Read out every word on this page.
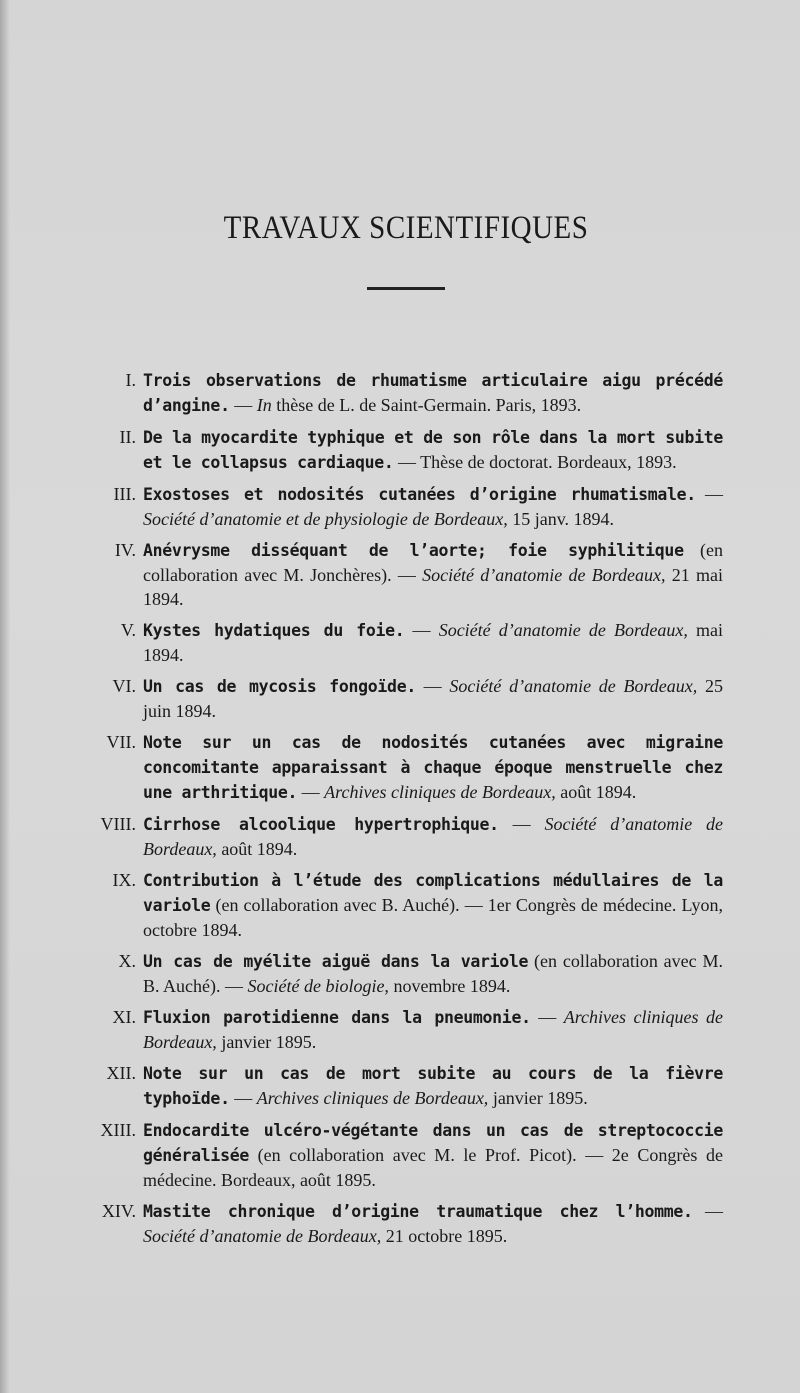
TRAVAUX SCIENTIFIQUES
I. Trois observations de rhumatisme articulaire aigu précédé d’angine. — In thèse de L. de Saint-Germain. Paris, 1893.
II. De la myocardite typhique et de son rôle dans la mort subite et le collapsus cardiaque. — Thèse de doctorat. Bordeaux, 1893.
III. Exostoses et nodosités cutanées d’origine rhumatismale. — Société d’anatomie et de physiologie de Bordeaux, 15 janv. 1894.
IV. Anévrysme disséquant de l’aorte; foie syphilitique (en collaboration avec M. Jonchères). — Société d’anatomie de Bordeaux, 21 mai 1894.
V. Kystes hydatiques du foie. — Société d’anatomie de Bordeaux, mai 1894.
VI. Un cas de mycosis fongoïde. — Société d’anatomie de Bordeaux, 25 juin 1894.
VII. Note sur un cas de nodosités cutanées avec migraine concomitante apparaissant à chaque époque menstruelle chez une arthritique. — Archives cliniques de Bordeaux, août 1894.
VIII. Cirrhose alcoolique hypertrophique. — Société d’anatomie de Bordeaux, août 1894.
IX. Contribution à l’étude des complications médullaires de la variole (en collaboration avec B. Auché). — 1er Congrès de médecine. Lyon, octobre 1894.
X. Un cas de myélite aiguë dans la variole (en collaboration avec M. B. Auché). — Société de biologie, novembre 1894.
XI. Fluxion parotidienne dans la pneumonie. — Archives cliniques de Bordeaux, janvier 1895.
XII. Note sur un cas de mort subite au cours de la fièvre typhoïde. — Archives cliniques de Bordeaux, janvier 1895.
XIII. Endocardite ulcéro-végétante dans un cas de streptococcie généralisée (en collaboration avec M. le Prof. Picot). — 2e Congrès de médecine. Bordeaux, août 1895.
XIV. Mastite chronique d’origine traumatique chez l’homme. — Société d’anatomie de Bordeaux, 21 octobre 1895.
